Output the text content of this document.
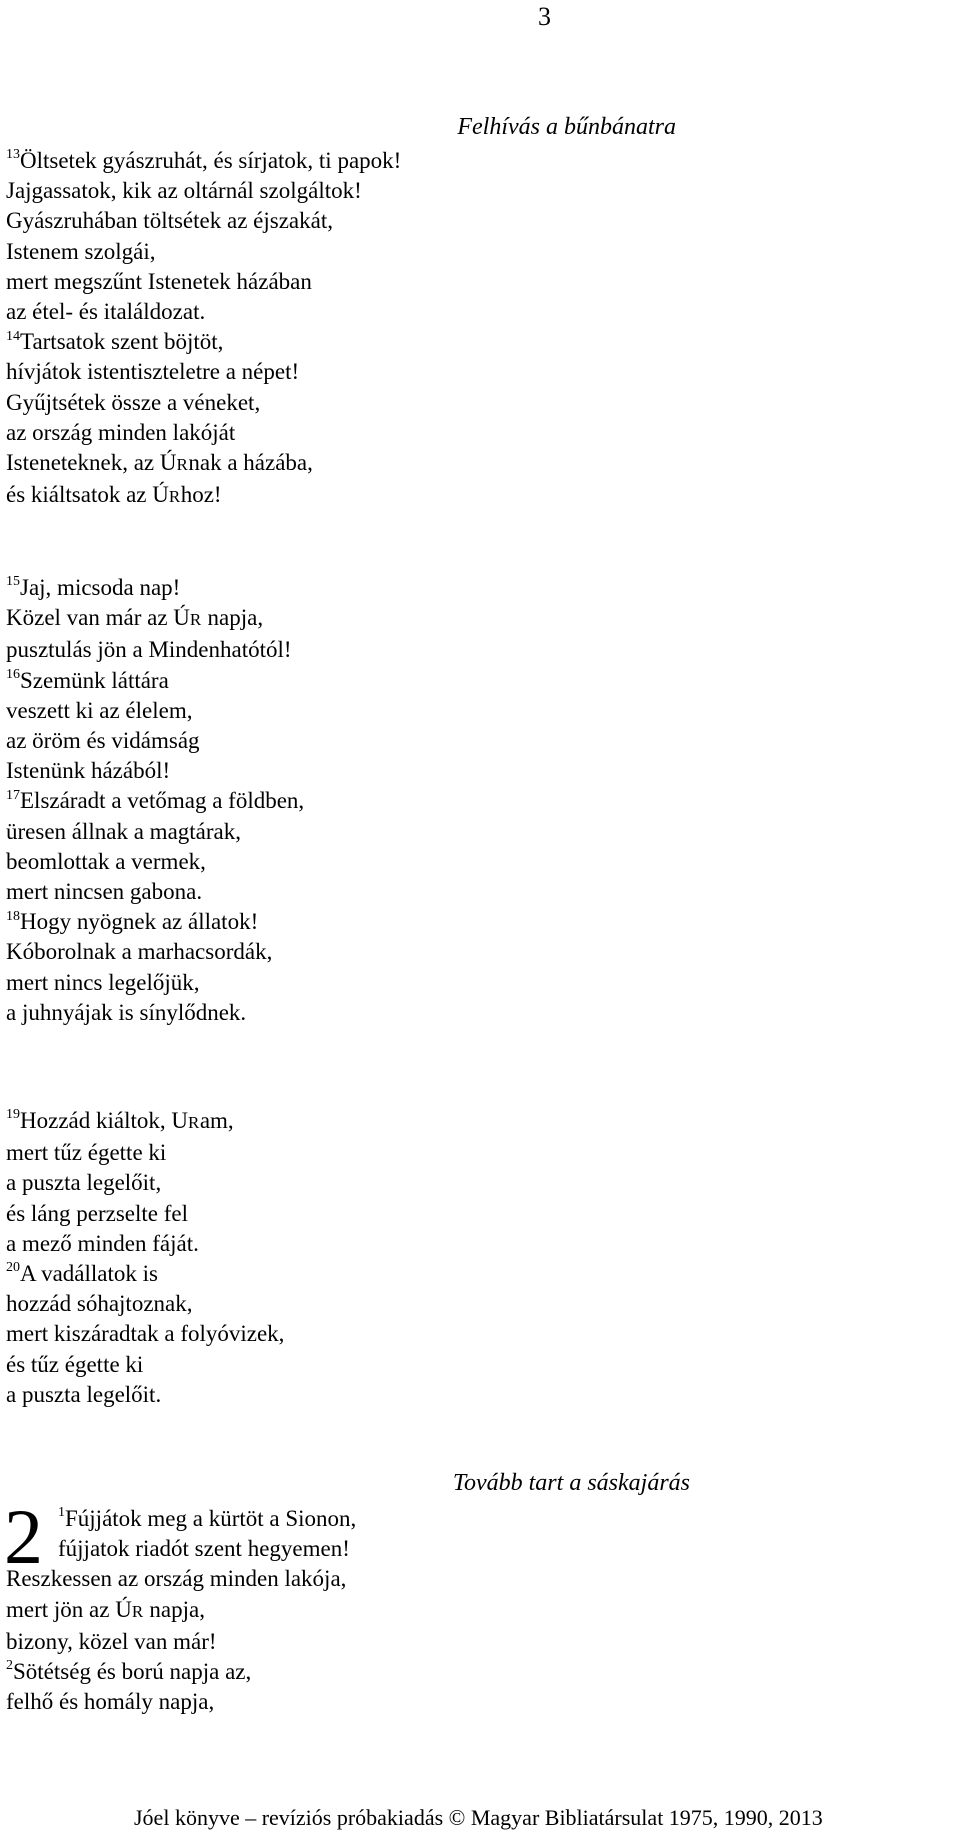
3
Felhívás a bűnbánatra
$^{13}$Öltsetek gyászruhát, és sírjatok, ti papok!
Jajgassatok, kik az oltárnál szolgáltok!
Gyászruhában töltsétek az éjszakát,
Istenem szolgái,
mert megszűnt Istenetek házában
az étel- és italáldozat.
$^{14}$Tartsatok szent böjtöt,
hívjátok istentiszteletre a népet!
Gyűjtsétek össze a véneket,
az ország minden lakóját
Isteneteknek, az ÚRnak a házába,
és kiáltsatok az ÚRhoz!
$^{15}$Jaj, micsoda nap!
Közel van már az ÚR napja,
pusztulás jön a Mindenhatótól!
$^{16}$Szemünk láttára
veszett ki az élelem,
az öröm és vidámság
Istenünk házából!
$^{17}$Elszáradt a vetőmag a földben,
üresen állnak a magtárak,
beomlottak a vermek,
mert nincsen gabona.
$^{18}$Hogy nyögnek az állatok!
Kóborolnak a marhacsordák,
mert nincs legelőjük,
a juhnyájak is sínylődnek.
$^{19}$Hozzád kiáltok, URam,
mert tűz égette ki
a puszta legelőit,
és láng perzselte fel
a mező minden fáját.
$^{20}$A vadállatok is
hozzád sóhajtoznak,
mert kiszáradtak a folyóvizek,
és tűz égette ki
a puszta legelőit.
Tovább tart a sáskajárás
2 $^1$Fújjátok meg a kürtöt a Sionon,
fújjatok riadót szent hegyemen!
Reszkessen az ország minden lakója,
mert jön az ÚR napja,
bizony, közel van már!
$^2$Sötétség és ború napja az,
felhő és homály napja,
Jóel könyve – revíziós próbakiadás © Magyar Bibliatársulat 1975, 1990, 2013
